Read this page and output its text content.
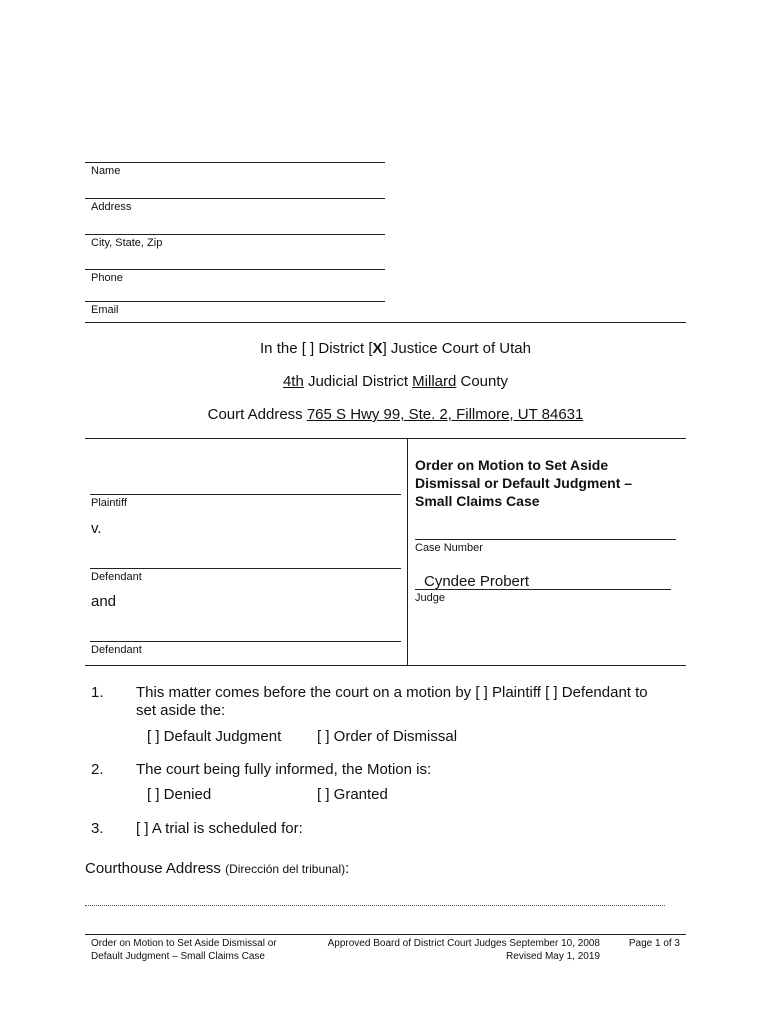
Name
Address
City, State, Zip
Phone
Email
In the [ ] District [X] Justice Court of Utah
4th Judicial District Millard County
Court Address 765 S Hwy 99, Ste. 2, Fillmore, UT 84631
Plaintiff
v.
Defendant
and
Defendant
Order on Motion to Set Aside
Dismissal or Default Judgment –
Small Claims Case
Case Number
Cyndee Probert
Judge
1. This matter comes before the court on a motion by [ ] Plaintiff [ ] Defendant to
set aside the:
[ ] Default Judgment [ ] Order of Dismissal
2. The court being fully informed, the Motion is:
[ ] Denied	[ ] Granted
3. [ ] A trial is scheduled for:
Courthouse Address (Dirección del tribunal):
Order on Motion to Set Aside Dismissal or
Default Judgment – Small Claims Case
Approved Board of District Court Judges September 10, 2008
Revised May 1, 2019
Page 1 of 3
